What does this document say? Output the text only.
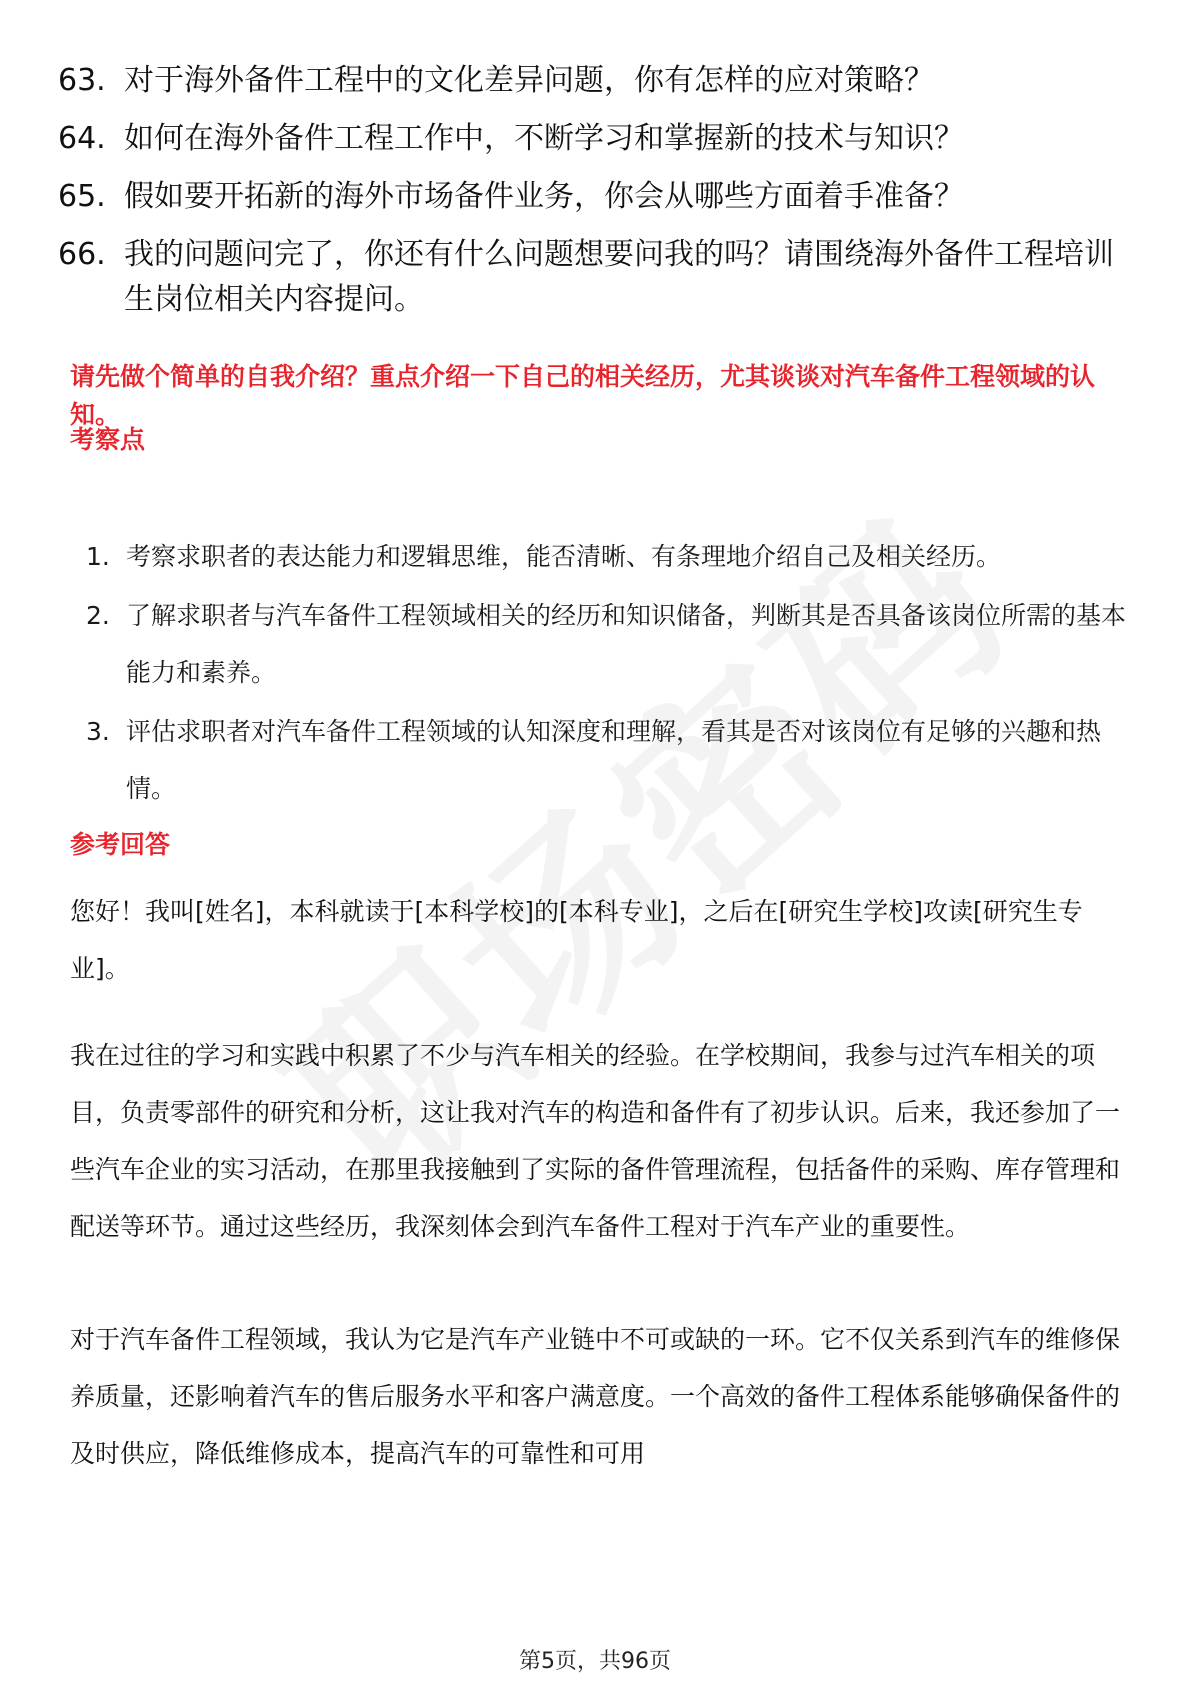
63. 对于海外备件工程中的文化差异问题，你有怎样的应对策略？
64. 如何在海外备件工程工作中，不断学习和掌握新的技术与知识？
65. 假如要开拓新的海外市场备件业务，你会从哪些方面着手准备？
66. 我的问题问完了，你还有什么问题想要问我的吗？请围绕海外备件工程培训生岗位相关内容提问。
请先做个简单的自我介绍？重点介绍一下自己的相关经历，尤其谈谈对汽车备件工程领域的认知。
考察点
1. 考察求职者的表达能力和逻辑思维，能否清晰、有条理地介绍自己及相关经历。
2. 了解求职者与汽车备件工程领域相关的经历和知识储备，判断其是否具备该岗位所需的基本能力和素养。
3. 评估求职者对汽车备件工程领域的认知深度和理解，看其是否对该岗位有足够的兴趣和热情。
参考回答
您好！我叫[姓名]，本科就读于[本科学校]的[本科专业]，之后在[研究生学校]攻读[研究生专业]。
我在过往的学习和实践中积累了不少与汽车相关的经验。在学校期间，我参与过汽车相关的项目，负责零部件的研究和分析，这让我对汽车的构造和备件有了初步认识。后来，我还参加了一些汽车企业的实习活动，在那里我接触到了实际的备件管理流程，包括备件的采购、库存管理和配送等环节。通过这些经历，我深刻体会到汽车备件工程对于汽车产业的重要性。
对于汽车备件工程领域，我认为它是汽车产业链中不可或缺的一环。它不仅关系到汽车的维修保养质量，还影响着汽车的售后服务水平和客户满意度。一个高效的备件工程体系能够确保备件的及时供应，降低维修成本，提高汽车的可靠性和可用
第5页，共96页
